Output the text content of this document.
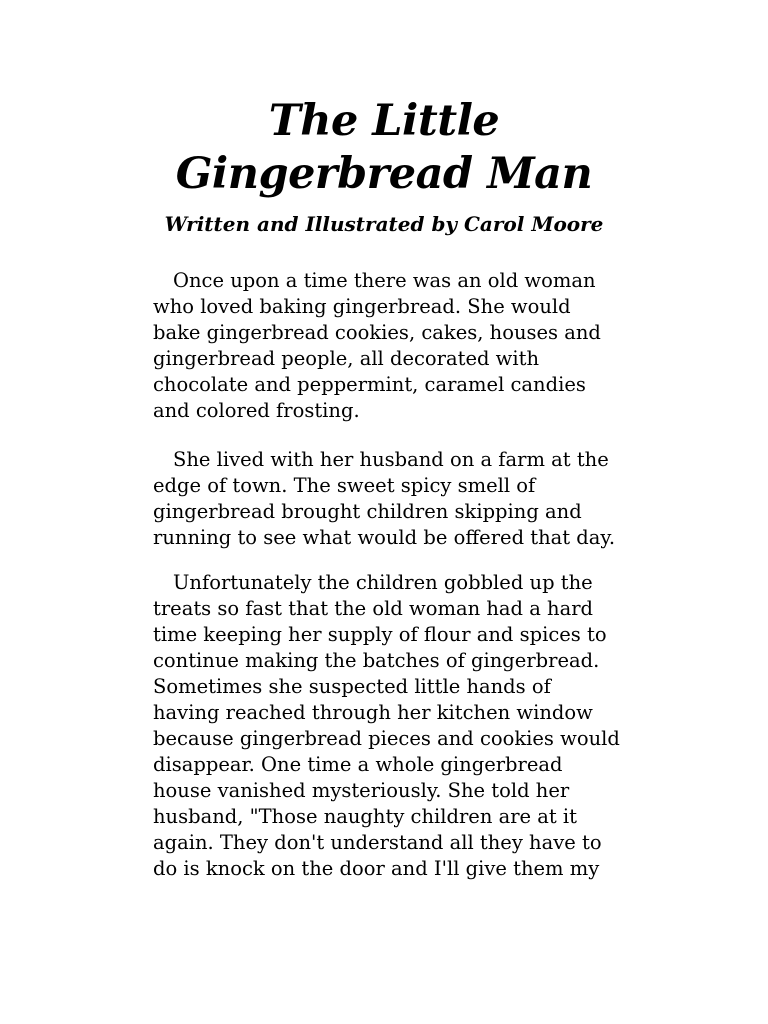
The Little
Gingerbread Man

Written and Illustrated by Carol Moore

Once upon a time there was an old woman
who loved baking gingerbread. She would
bake gingerbread cookies, cakes, houses and
gingerbread people, all decorated with
chocolate and peppermint, caramel candies
and colored frosting.
She lived with her husband on a farm at the
edge of town. The sweet spicy smell of
gingerbread brought children skipping and
running to see what would be offered that day.
Unfortunately the children gobbled up the
treats so fast that the old woman had a hard
time keeping her supply of flour and spices to
continue making the batches of gingerbread.
Sometimes she suspected little hands of
having reached through her kitchen window
because gingerbread pieces and cookies would
disappear. One time a whole gingerbread
house vanished mysteriously. She told her
husband, "Those naughty children are at it
again. They don't understand all they have to
do is knock on the door and I'll give them my
